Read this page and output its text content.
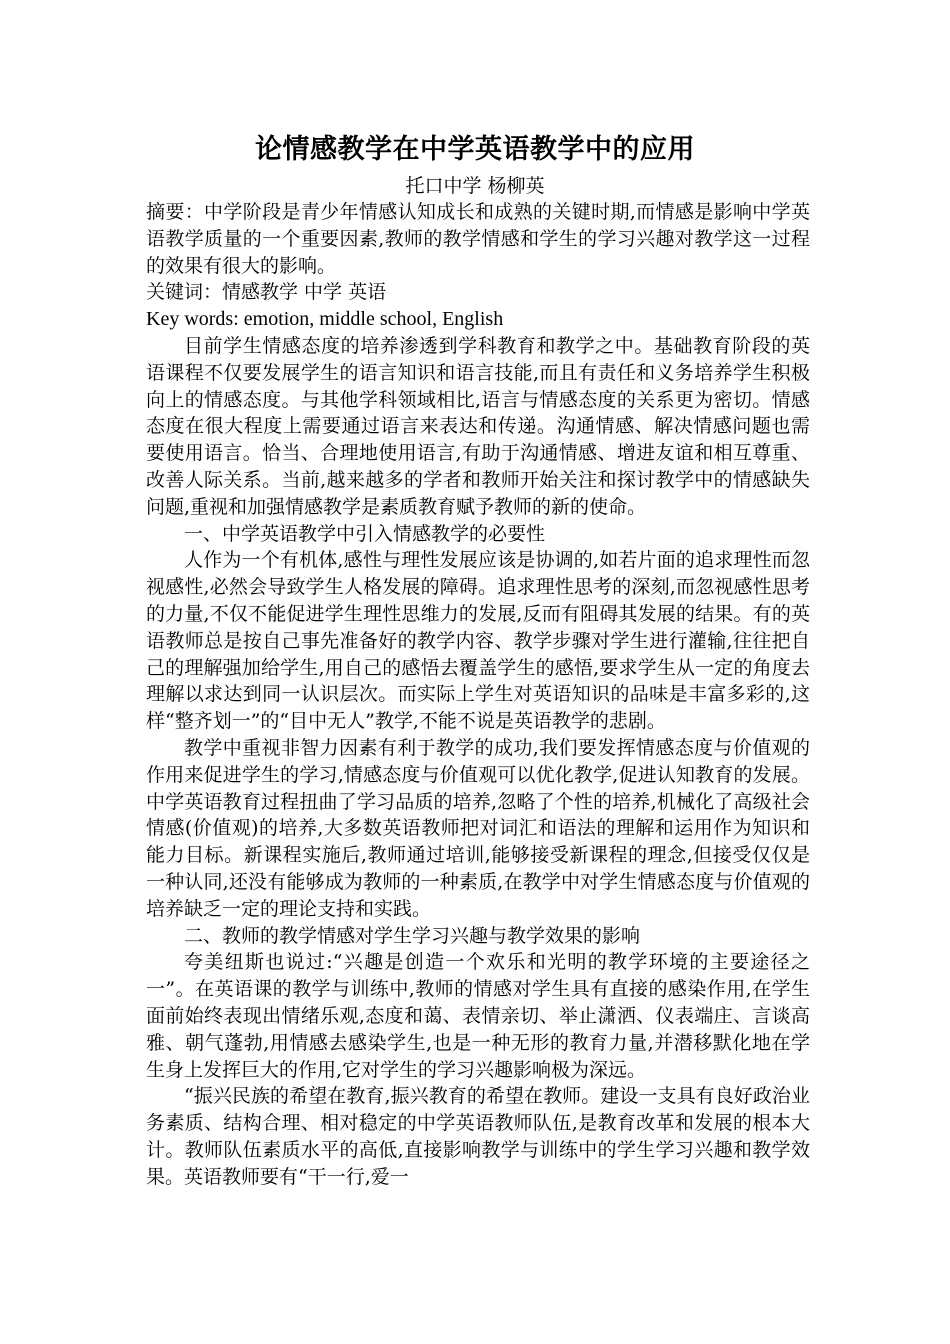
论情感教学在中学英语教学中的应用
托口中学 杨柳英

摘要：中学阶段是青少年情感认知成长和成熟的关键时期,而情感是影响中学英语教学质量的一个重要因素,教师的教学情感和学生的学习兴趣对教学这一过程的效果有很大的影响。

关键词：情感教学 中学 英语

Key words: emotion, middle school, English

目前学生情感态度的培养渗透到学科教育和教学之中。基础教育阶段的英语课程不仅要发展学生的语言知识和语言技能,而且有责任和义务培养学生积极向上的情感态度。与其他学科领域相比,语言与情感态度的关系更为密切。情感态度在很大程度上需要通过语言来表达和传递。沟通情感、解决情感问题也需要使用语言。恰当、合理地使用语言,有助于沟通情感、增进友谊和相互尊重、改善人际关系。当前,越来越多的学者和教师开始关注和探讨教学中的情感缺失问题,重视和加强情感教学是素质教育赋予教师的新的使命。

一、中学英语教学中引入情感教学的必要性

人作为一个有机体,感性与理性发展应该是协调的,如若片面的追求理性而忽视感性,必然会导致学生人格发展的障碍。追求理性思考的深刻,而忽视感性思考的力量,不仅不能促进学生理性思维力的发展,反而有阻碍其发展的结果。有的英语教师总是按自己事先准备好的教学内容、教学步骤对学生进行灌输,往往把自己的理解强加给学生,用自己的感悟去覆盖学生的感悟,要求学生从一定的角度去理解以求达到同一认识层次。而实际上学生对英语知识的品味是丰富多彩的,这样“整齐划一”的“目中无人”教学,不能不说是英语教学的悲剧。

教学中重视非智力因素有利于教学的成功,我们要发挥情感态度与价值观的作用来促进学生的学习,情感态度与价值观可以优化教学,促进认知教育的发展。中学英语教育过程扭曲了学习品质的培养,忽略了个性的培养,机械化了高级社会情感(价值观)的培养,大多数英语教师把对词汇和语法的理解和运用作为知识和能力目标。新课程实施后,教师通过培训,能够接受新课程的理念,但接受仅仅是一种认同,还没有能够成为教师的一种素质,在教学中对学生情感态度与价值观的培养缺乏一定的理论支持和实践。

二、教师的教学情感对学生学习兴趣与教学效果的影响

夸美纽斯也说过:“兴趣是创造一个欢乐和光明的教学环境的主要途径之一”。在英语课的教学与训练中,教师的情感对学生具有直接的感染作用,在学生面前始终表现出情绪乐观,态度和蔼、表情亲切、举止潇洒、仪表端庄、言谈高雅、朝气蓬勃,用情感去感染学生,也是一种无形的教育力量,并潜移默化地在学生身上发挥巨大的作用,它对学生的学习兴趣影响极为深远。

“振兴民族的希望在教育,振兴教育的希望在教师。建设一支具有良好政治业务素质、结构合理、相对稳定的中学英语教师队伍,是教育改革和发展的根本大计。教师队伍素质水平的高低,直接影响教学与训练中的学生学习兴趣和教学效果。英语教师要有“干一行,爱一
